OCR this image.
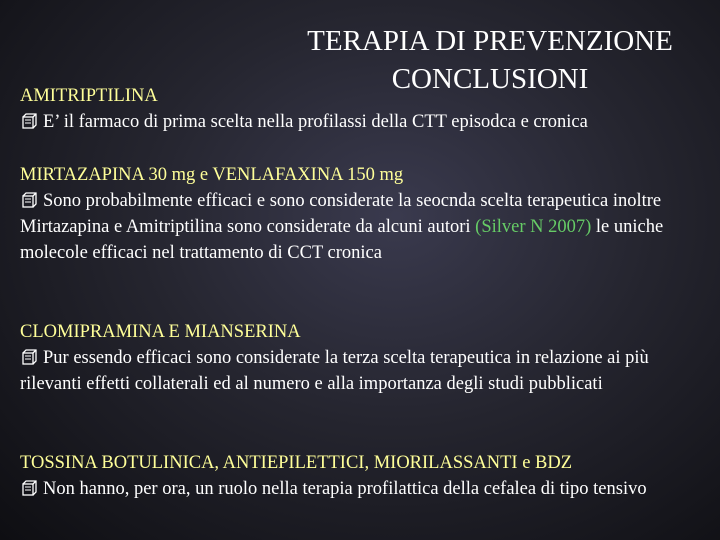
TERAPIA DI PREVENZIONE
CONCLUSIONI
AMITRIPTILINA
E’ il farmaco di prima scelta nella profilassi della CTT episodca e cronica
MIRTAZAPINA 30 mg e VENLAFAXINA 150 mg
Sono probabilmente efficaci e sono considerate la seocnda scelta terapeutica inoltre Mirtazapina e Amitriptilina sono considerate da alcuni autori (Silver N 2007) le uniche molecole efficaci nel trattamento di CCT cronica
CLOMIPRAMINA E MIANSERINA
Pur essendo efficaci sono considerate la terza scelta terapeutica in relazione ai più rilevanti effetti collaterali ed al numero e alla importanza degli studi pubblicati
TOSSINA BOTULINICA, ANTIEPILETTICI, MIORILASSANTI e BDZ
Non hanno, per ora, un ruolo nella terapia profilattica della cefalea di tipo tensivo
